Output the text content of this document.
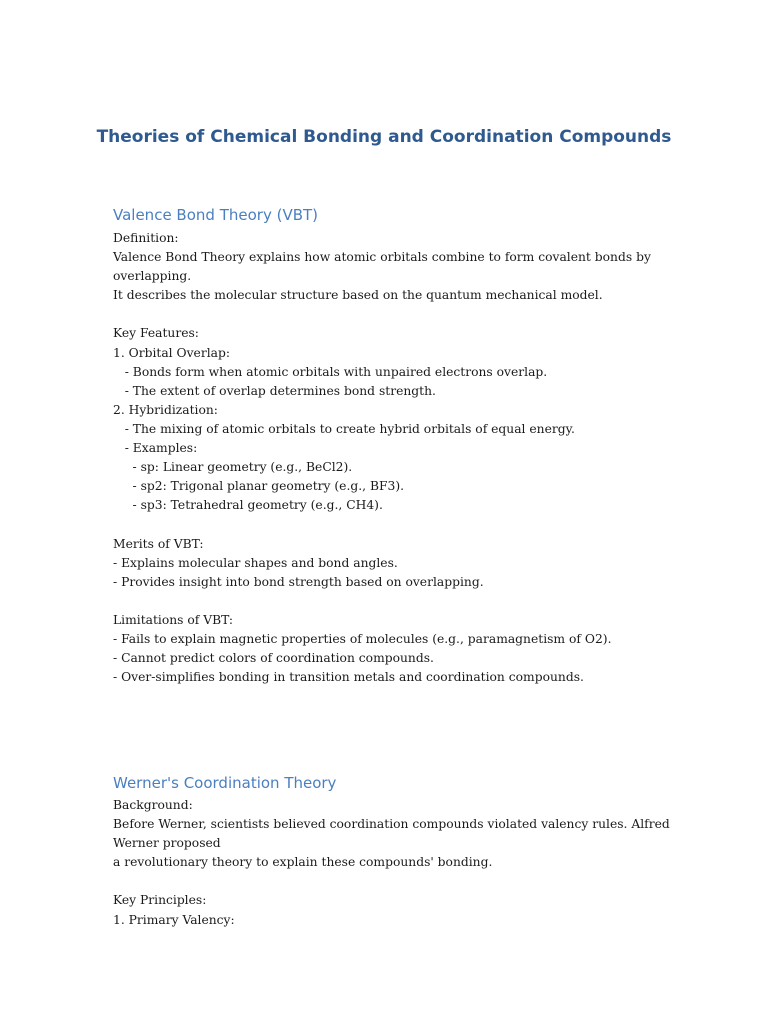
Theories of Chemical Bonding and Coordination Compounds
Valence Bond Theory (VBT)
Definition:
Valence Bond Theory explains how atomic orbitals combine to form covalent bonds by
overlapping.
It describes the molecular structure based on the quantum mechanical model.
Key Features:
1. Orbital Overlap:
- Bonds form when atomic orbitals with unpaired electrons overlap.
- The extent of overlap determines bond strength.
2. Hybridization:
- The mixing of atomic orbitals to create hybrid orbitals of equal energy.
- Examples:
- sp: Linear geometry (e.g., BeCl2).
- sp2: Trigonal planar geometry (e.g., BF3).
- sp3: Tetrahedral geometry (e.g., CH4).
Merits of VBT:
- Explains molecular shapes and bond angles.
- Provides insight into bond strength based on overlapping.
Limitations of VBT:
- Fails to explain magnetic properties of molecules (e.g., paramagnetism of O2).
- Cannot predict colors of coordination compounds.
- Over-simplifies bonding in transition metals and coordination compounds.
Werner's Coordination Theory
Background:
Before Werner, scientists believed coordination compounds violated valency rules. Alfred
Werner proposed
a revolutionary theory to explain these compounds' bonding.
Key Principles:
1. Primary Valency:
